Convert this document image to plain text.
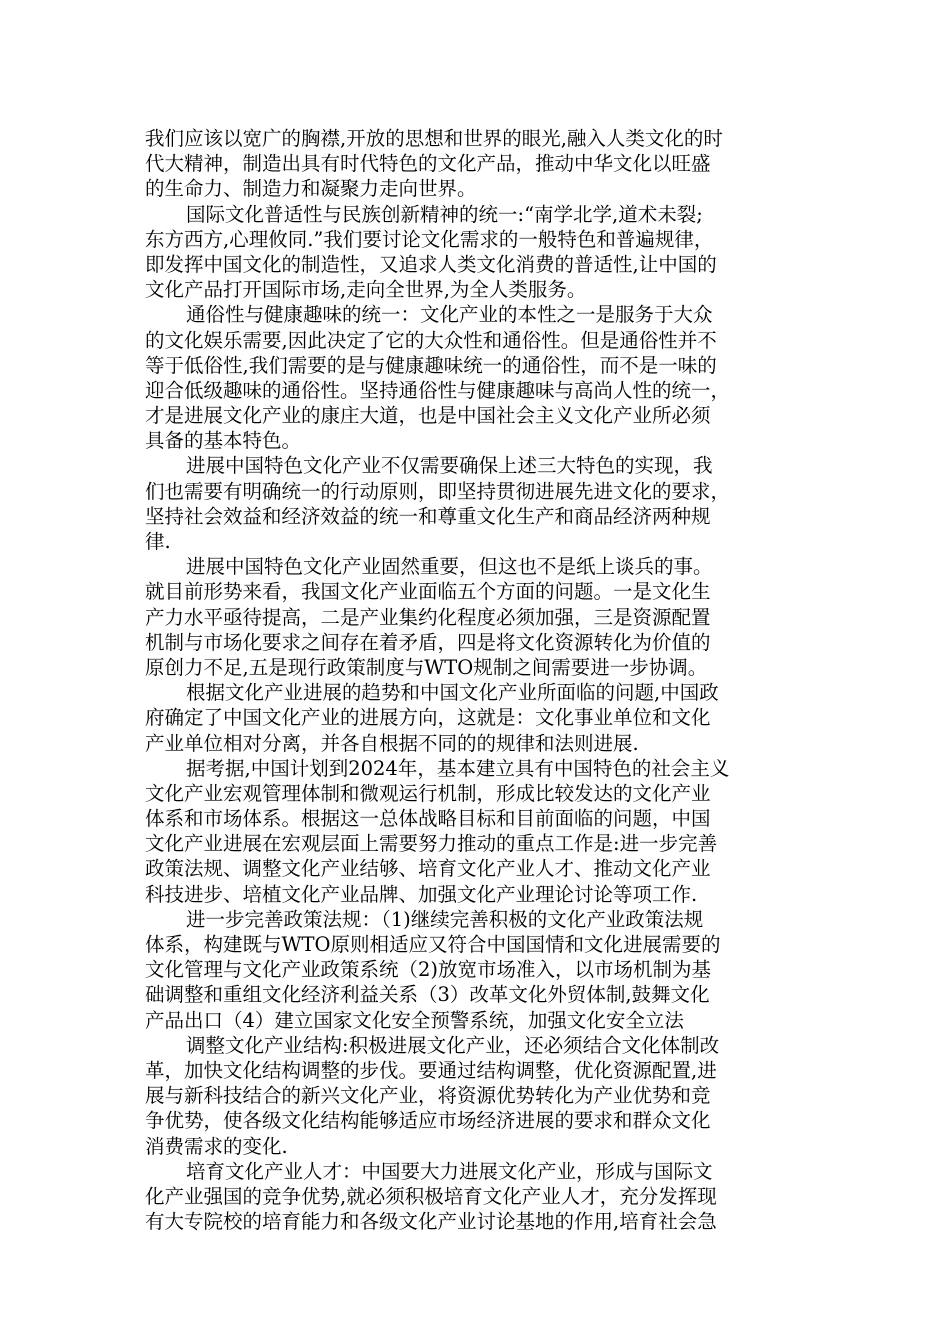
我们应该以宽广的胸襟,开放的思想和世界的眼光,融入人类文化的时
代大精神，制造出具有时代特色的文化产品，推动中华文化以旺盛
的生命力、制造力和凝聚力走向世界。
国际文化普适性与民族创新精神的统一:“南学北学,道术未裂;
东方西方,心理攸同.”我们要讨论文化需求的一般特色和普遍规律，
即发挥中国文化的制造性，又追求人类文化消费的普适性,让中国的
文化产品打开国际市场,走向全世界,为全人类服务。
通俗性与健康趣味的统一：文化产业的本性之一是服务于大众
的文化娱乐需要,因此决定了它的大众性和通俗性。但是通俗性并不
等于低俗性,我们需要的是与健康趣味统一的通俗性，而不是一味的
迎合低级趣味的通俗性。坚持通俗性与健康趣味与高尚人性的统一，
才是进展文化产业的康庄大道，也是中国社会主义文化产业所必须
具备的基本特色。
进展中国特色文化产业不仅需要确保上述三大特色的实现，我
们也需要有明确统一的行动原则，即坚持贯彻进展先进文化的要求，
坚持社会效益和经济效益的统一和尊重文化生产和商品经济两种规
律.
进展中国特色文化产业固然重要，但这也不是纸上谈兵的事。
就目前形势来看，我国文化产业面临五个方面的问题。一是文化生
产力水平亟待提高，二是产业集约化程度必须加强，三是资源配置
机制与市场化要求之间存在着矛盾，四是将文化资源转化为价值的
原创力不足,五是现行政策制度与WTO规制之间需要进一步协调。
根据文化产业进展的趋势和中国文化产业所面临的问题,中国政
府确定了中国文化产业的进展方向，这就是：文化事业单位和文化
产业单位相对分离，并各自根据不同的的规律和法则进展.
据考据,中国计划到2024年，基本建立具有中国特色的社会主义
文化产业宏观管理体制和微观运行机制，形成比较发达的文化产业
体系和市场体系。根据这一总体战略目标和目前面临的问题，中国
文化产业进展在宏观层面上需要努力推动的重点工作是:进一步完善
政策法规、调整文化产业结够、培育文化产业人才、推动文化产业
科技进步、培植文化产业品牌、加强文化产业理论讨论等项工作.
进一步完善政策法规：（1)继续完善积极的文化产业政策法规
体系，构建既与WTO原则相适应又符合中国国情和文化进展需要的
文化管理与文化产业政策系统（2)放宽市场准入，以市场机制为基
础调整和重组文化经济利益关系（3）改革文化外贸体制,鼓舞文化
产品出口（4）建立国家文化安全预警系统，加强文化安全立法
调整文化产业结构:积极进展文化产业，还必须结合文化体制改
革，加快文化结构调整的步伐。要通过结构调整，优化资源配置,进
展与新科技结合的新兴文化产业，将资源优势转化为产业优势和竞
争优势，使各级文化结构能够适应市场经济进展的要求和群众文化
消费需求的变化.
培育文化产业人才：中国要大力进展文化产业，形成与国际文
化产业强国的竞争优势,就必须积极培育文化产业人才，充分发挥现
有大专院校的培育能力和各级文化产业讨论基地的作用,培育社会急
